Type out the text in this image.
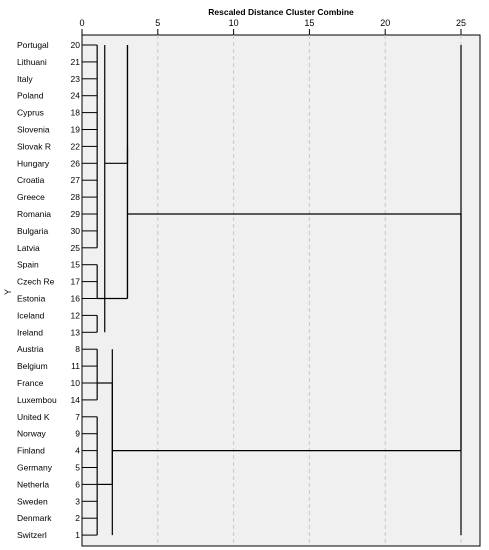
Rescaled Distance Cluster Combine
0	5	10	15	20	25
Y
Portugal	20
Lithuani	21
Italy	23
Poland	24
Cyprus	18
Slovenia 19
Slovak R 22
Hungary	26
Croatia	27
Greece	28
Romania 29
Bulgaria	30
Latvia	25
Spain	15
Czech Re 17
Estonia	16
Iceland	12
Ireland	13
Austria	8
Belgium	11
France	10
Luxembou 14
United K	7
Norway	9
Finland	4
Germany	5
Netherla	6
Sweden	3
Denmark	2
Switzerl	1
